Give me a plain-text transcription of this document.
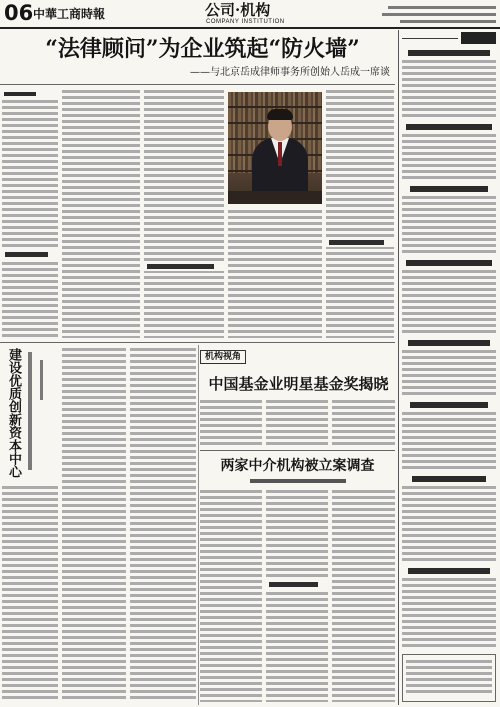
06 中華工商時報	公司·机构
COMPANY INSTITUTION
“法律顾问”为企业筑起“防火墙”
——与北京岳成律师事务所创始人岳成一席谈
建设优质创新资本中心	机构视角
中国基金业明星基金奖揭晓
两家中介机构被立案调查
